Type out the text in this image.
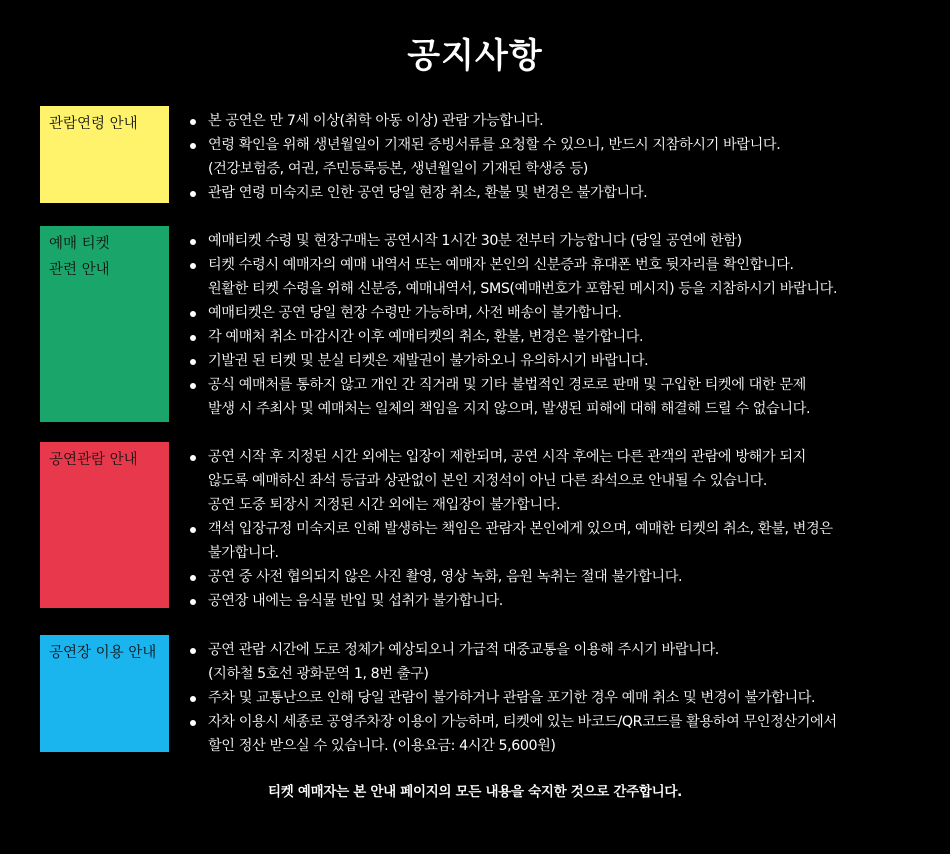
공지사항
관람연령 안내	본 공연은 만 7세 이상(취학 아동 이상) 관람 가능합니다.
연령 확인을 위해 생년월일이 기재된 증빙서류를 요청할 수 있으니, 반드시 지참하시기 바랍니다.
(건강보험증, 여권, 주민등록등본, 생년월일이 기재된 학생증 등)
관람 연령 미숙지로 인한 공연 당일 현장 취소, 환불 및 변경은 불가합니다.
예매 티켓
관련 안내
예매티켓 수령 및 현장구매는 공연시작 1시간 30분 전부터 가능합니다 (당일 공연에 한함)
티켓 수령시 예매자의 예매 내역서 또는 예매자 본인의 신분증과 휴대폰 번호 뒷자리를 확인합니다.
원활한 티켓 수령을 위해 신분증, 예매내역서, SMS(예매번호가 포함된 메시지) 등을 지참하시기 바랍니다.
예매티켓은 공연 당일 현장 수령만 가능하며, 사전 배송이 불가합니다.
각 예매처 취소 마감시간 이후 예매티켓의 취소, 환불, 변경은 불가합니다.
기발권 된 티켓 및 분실 티켓은 재발권이 불가하오니 유의하시기 바랍니다.
공식 예매처를 통하지 않고 개인 간 직거래 및 기타 불법적인 경로로 판매 및 구입한 티켓에 대한 문제
발생 시 주최사 및 예매처는 일체의 책임을 지지 않으며, 발생된 피해에 대해 해결해 드릴 수 없습니다.
공연관람 안내	공연 시작 후 지정된 시간 외에는 입장이 제한되며, 공연 시작 후에는 다른 관객의 관람에 방해가 되지
않도록 예매하신 좌석 등급과 상관없이 본인 지정석이 아닌 다른 좌석으로 안내될 수 있습니다.
공연 도중 퇴장시 지정된 시간 외에는 재입장이 불가합니다.
객석 입장규정 미숙지로 인해 발생하는 책임은 관람자 본인에게 있으며, 예매한 티켓의 취소, 환불, 변경은
불가합니다.
공연 중 사전 협의되지 않은 사진 촬영, 영상 녹화, 음원 녹취는 절대 불가합니다.
공연장 내에는 음식물 반입 및 섭취가 불가합니다.
공연장 이용 안내	공연 관람 시간에 도로 정체가 예상되오니 가급적 대중교통을 이용해 주시기 바랍니다.
(지하철 5호선 광화문역 1, 8번 출구)
주차 및 교통난으로 인해 당일 관람이 불가하거나 관람을 포기한 경우 예매 취소 및 변경이 불가합니다.
자차 이용시 세종로 공영주차장 이용이 가능하며, 티켓에 있는 바코드/QR코드를 활용하여 무인정산기에서
할인 정산 받으실 수 있습니다. (이용요금: 4시간 5,600원)
티켓 예매자는 본 안내 페이지의 모든 내용을 숙지한 것으로 간주합니다.
